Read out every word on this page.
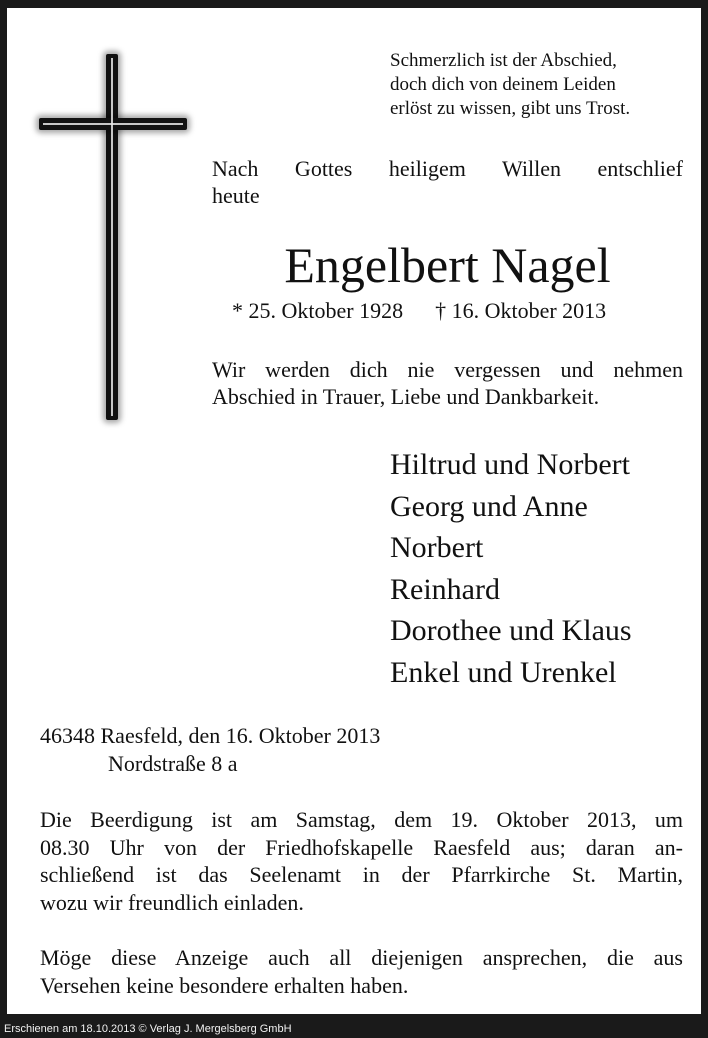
Schmerzlich ist der Abschied,
doch dich von deinem Leiden
erlöst zu wissen, gibt uns Trost.
Nach Gottes heiligem Willen entschlief
heute
Engelbert Nagel
* 25. Oktober 1928 † 16. Oktober 2013
Wir werden dich nie vergessen und nehmen
Abschied in Trauer, Liebe und Dankbarkeit.
Hiltrud und Norbert
Georg und Anne
Norbert
Reinhard
Dorothee und Klaus
Enkel und Urenkel
46348 Raesfeld, den 16. Oktober 2013
Nordstraße 8 a
Die Beerdigung ist am Samstag, dem 19. Oktober 2013, um
08.30 Uhr von der Friedhofskapelle Raesfeld aus; daran an-
schließend ist das Seelenamt in der Pfarrkirche St. Martin,
wozu wir freundlich einladen.
Möge diese Anzeige auch all diejenigen ansprechen, die aus
Versehen keine besondere erhalten haben.
Erschienen am 18.10.2013 © Verlag J. Mergelsberg GmbH
